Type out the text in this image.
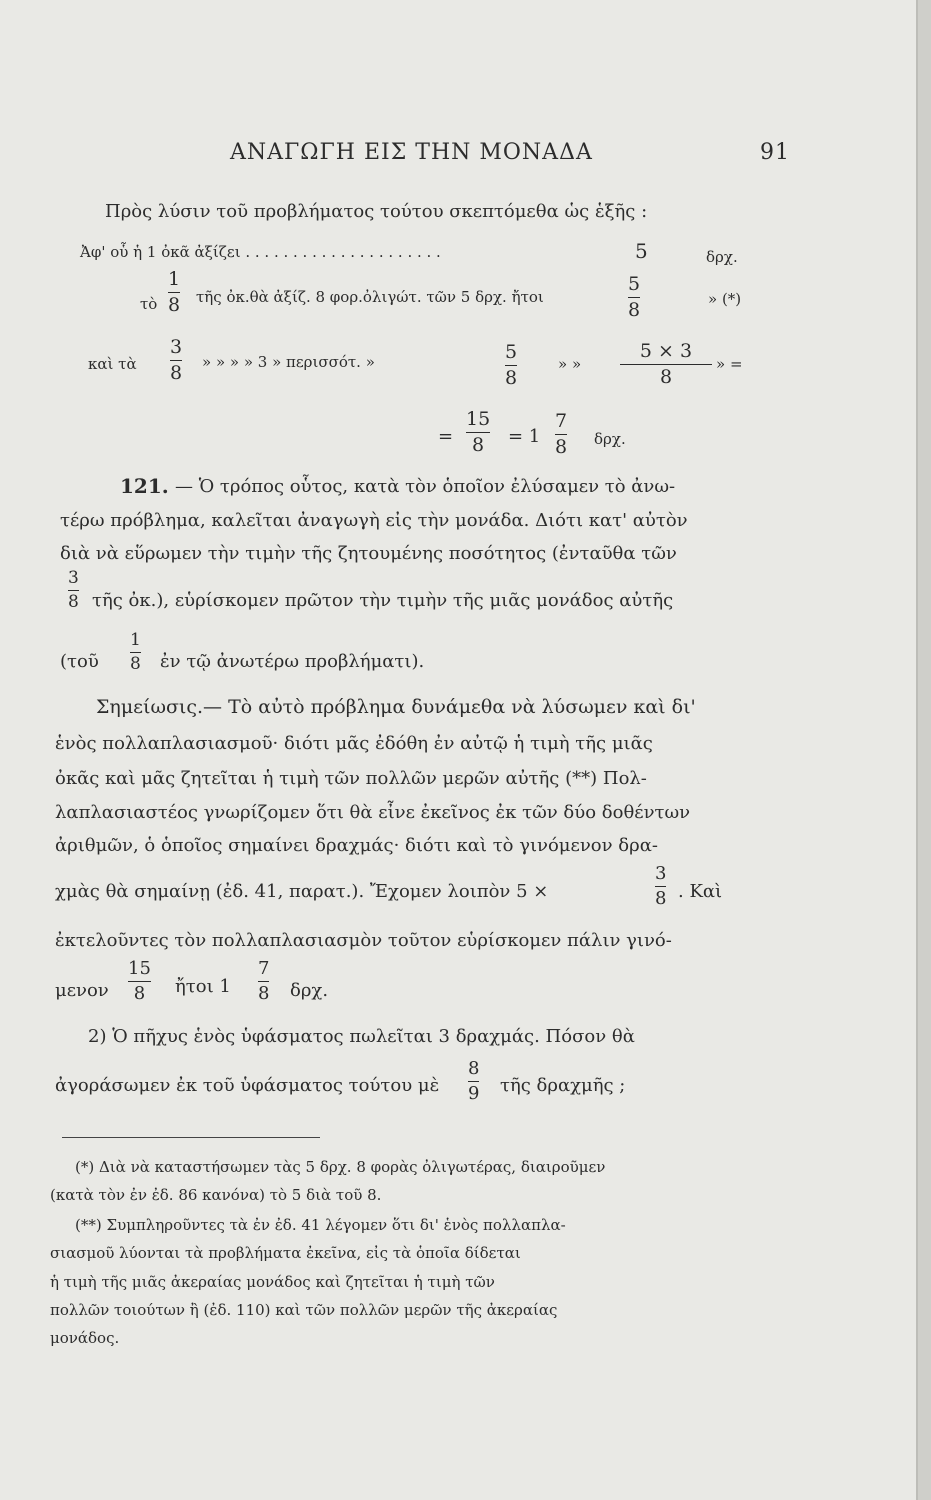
ΑΝΑΓΩΓΗ ΕΙΣ ΤΗΝ ΜΟΝΑΔΑ	91
Πρὸς λύσιν τοῦ προβλήματος τούτου σκεπτόμεθα ὡς ἑξῆς :
Ἀφ' οὗ ἡ 1 ὀκᾶ ἀξίζει . . . . . . . . . . . . . . . . . . . . .	5	δρχ.
τὸ $\frac{1}{8}$ τῆς ὀκ.θὰ ἀξίζ. 8 φορ.ὀλιγώτ. τῶν 5 δρχ. ἤτοι	$\frac{5}{8}$	» (*)
καὶ τὰ $\frac{3}{8}$ » » » » 3 » περισσότ. »	$\frac{5}{8}$	» » $\frac{5 \times 3}{8}$ » =
= $\frac{15}{8} = 1 \frac{7}{8} \delta\rho\chi$.
121. — Ὁ τρόπος οὗτος, κατὰ τὸν ὁποῖον ἐλύσαμεν τὸ ἀνω-
τέρω πρόβλημα, καλεῖται ἀναγωγὴ εἰς τὴν μονάδα. Διότι κατ' αὐτὸν
διὰ νὰ εὕρωμεν τὴν τιμὴν τῆς ζητουμένης ποσότητος (ἐνταῦθα τῶν
$\frac{3}{8}$ τῆς ὀκ.), εὑρίσκομεν πρῶτον τὴν τιμὴν τῆς μιᾶς μονάδος αὐτῆς
(τοῦ $\frac{1}{8}$ ἐν τῷ ἀνωτέρω προβλήματι).
Σημείωσις.— Τὸ αὐτὸ πρόβλημα δυνάμεθα νὰ λύσωμεν καὶ δι'
ἑνὸς πολλαπλασιασμοῦ· διότι μᾶς ἐδόθη ἐν αὐτῷ ἡ τιμὴ τῆς μιᾶς
ὀκᾶς καὶ μᾶς ζητεῖται ἡ τιμὴ τῶν πολλῶν μερῶν αὐτῆς (**) Πολ-
λαπλασιαστέος γνωρίζομεν ὅτι θὰ εἶνε ἐκεῖνος ἐκ τῶν δύο δοθέντων
ἀριθμῶν, ὁ ὁποῖος σημαίνει δραχμάς· διότι καὶ τὸ γινόμενον δρα-
χμὰς θὰ σημαίνῃ (ἐδ. 41, παρατ.). Ἔχομεν λοιπὸν 5 ×	$\frac{3}{8}$ . Καὶ
ἐκτελοῦντες τὸν πολλαπλασιασμὸν τοῦτον εὑρίσκομεν πάλιν γινό-
μενον $\frac{15}{8}$ ἤτοι $1 \frac{7}{8} \delta\rho\chi$.
2) Ὁ πῆχυς ἑνὸς ὑφάσματος πωλεῖται 3 δραχμάς. Πόσον θὰ
ἀγοράσωμεν ἐκ τοῦ ὑφάσματος τούτου μὲ $\frac{8}{9}$ τῆς δραχμῆς ;
(*) Διὰ νὰ καταστήσωμεν τὰς 5 δρχ. 8 φορὰς ὀλιγωτέρας, διαιροῦμεν
(κατὰ τὸν ἐν ἐδ. 86 κανόνα) τὸ 5 διὰ τοῦ 8.
(**) Συμπληροῦντες τὰ ἐν ἐδ. 41 λέγομεν ὅτι δι' ἑνὸς πολλαπλα-
σιασμοῦ λύονται τὰ προβλήματα ἐκεῖνα, εἰς τὰ ὁποῖα δίδεται
ἡ τιμὴ τῆς μιᾶς ἀκεραίας μονάδος καὶ ζητεῖται ἡ τιμὴ τῶν
πολλῶν τοιούτων ἢ (ἐδ. 110) καὶ τῶν πολλῶν μερῶν τῆς ἀκεραίας
μονάδος.
